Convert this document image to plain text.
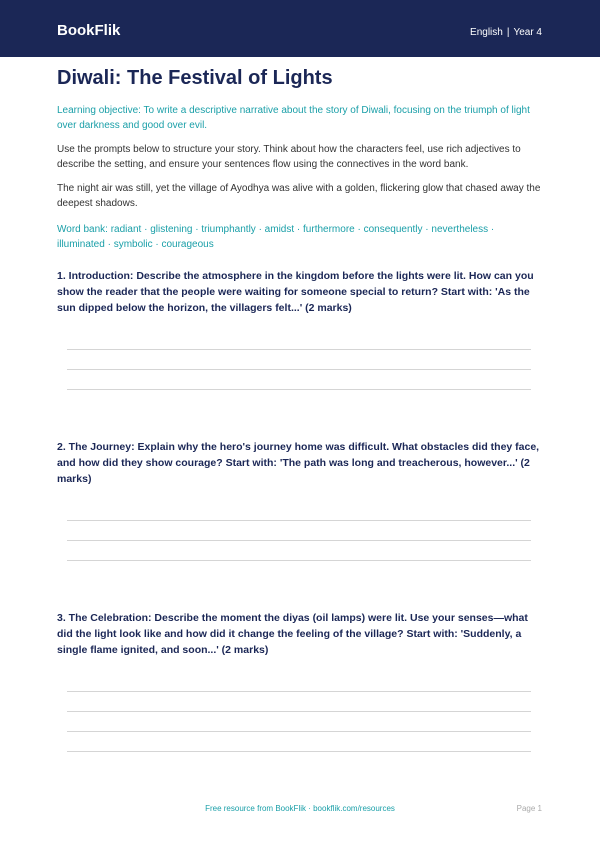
BookFlik	English | Year 4
Diwali: The Festival of Lights

Learning objective: To write a descriptive narrative about the story of Diwali, focusing on the triumph of light over darkness and good over evil.

Use the prompts below to structure your story. Think about how the characters feel, use rich adjectives to describe the setting, and ensure your sentences flow using the connectives in the word bank.

The night air was still, yet the village of Ayodhya was alive with a golden, flickering glow that chased away the deepest shadows.

Word bank: radiant · glistening · triumphantly · amidst · furthermore · consequently · nevertheless · illuminated · symbolic · courageous

1. Introduction: Describe the atmosphere in the kingdom before the lights were lit. How can you show the reader that the people were waiting for someone special to return? Start with: 'As the sun dipped below the horizon, the villagers felt...' (2 marks)

2. The Journey: Explain why the hero's journey home was difficult. What obstacles did they face, and how did they show courage? Start with: 'The path was long and treacherous, however...' (2 marks)

3. The Celebration: Describe the moment the diyas (oil lamps) were lit. Use your senses—what did the light look like and how did it change the feeling of the village? Start with: 'Suddenly, a single flame ignited, and soon...' (2 marks)

Free resource from BookFlik · bookflik.com/resources	Page 1
